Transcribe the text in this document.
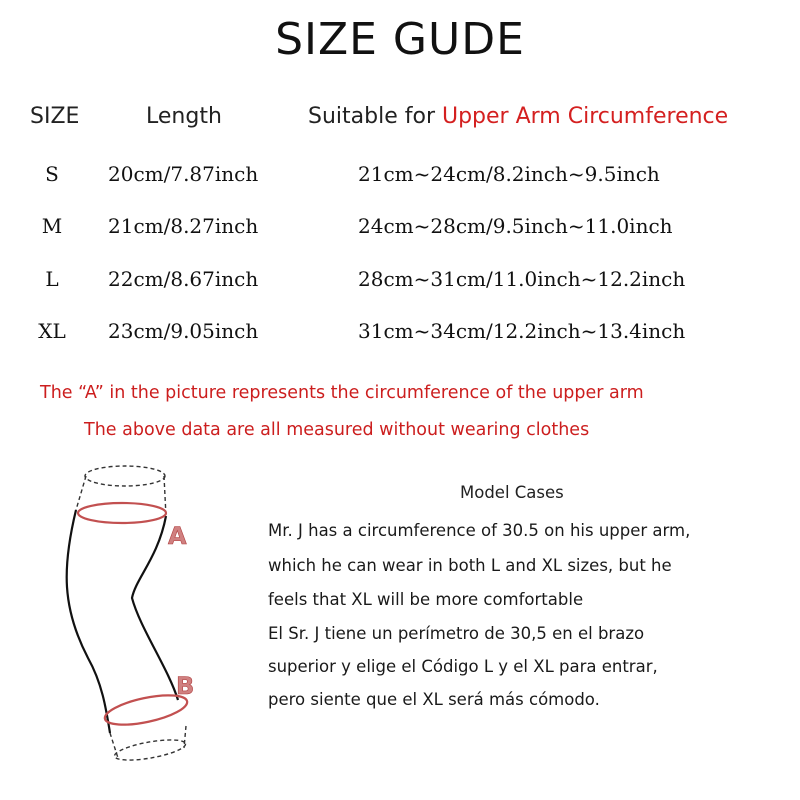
SIZE GUDE
SIZE	Length	Suitable for Upper Arm Circumference
S	20cm/7.87inch	21cm~24cm/8.2inch~9.5inch
M	21cm/8.27inch	24cm~28cm/9.5inch~11.0inch
L	22cm/8.67inch	28cm~31cm/11.0inch~12.2inch
XL	23cm/9.05inch	31cm~34cm/12.2inch~13.4inch
The “A” in the picture represents the circumference of the upper arm
The above data are all measured without wearing clothes
A
B
Model Cases
Mr. J has a circumference of 30.5 on his upper arm,
which he can wear in both L and XL sizes, but he
feels that XL will be more comfortable
El Sr. J tiene un perímetro de 30,5 en el brazo
superior y elige el Código L y el XL para entrar,
pero siente que el XL será más cómodo.
